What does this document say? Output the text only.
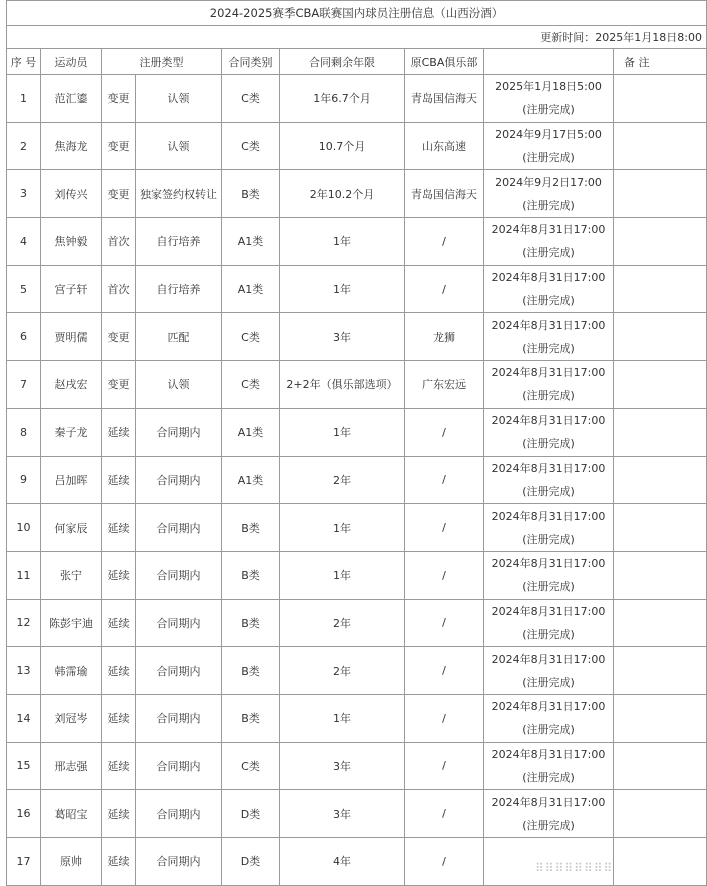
2024-2025赛季CBA联赛国内球员注册信息（山西汾酒）								
更新时间：2025年1月18日8:00								
序 号	运动员	注册类型		合同类别	合同剩余年限	原CBA俱乐部		备 注
1	范汇鎏	变更	认领	C类	1年6.7个月	青岛国信海天	2025年1月18日5:00
(注册完成)	

2	焦海龙	变更	认领	C类	10.7个月	山东高速	2024年9月17日5:00
(注册完成)	

3	刘传兴	变更	独家签约权转让	B类	2年10.2个月	青岛国信海天	2024年9月2日17:00
(注册完成)	

4	焦钟毅	首次	自行培养	A1类	1年	/	2024年8月31日17:00
(注册完成)	

5	宫子轩	首次	自行培养	A1类	1年	/	2024年8月31日17:00
(注册完成)	

6	贾明儒	变更	匹配	C类	3年	龙狮	2024年8月31日17:00
(注册完成)	

7	赵戌宏	变更	认领	C类	2+2年（俱乐部选项）	广东宏远	2024年8月31日17:00
(注册完成)	

8	秦子龙	延续	合同期内	A1类	1年	/	2024年8月31日17:00
(注册完成)	

9	吕加晖	延续	合同期内	A1类	2年	/	2024年8月31日17:00
(注册完成)	

10	何家辰	延续	合同期内	B类	1年	/	2024年8月31日17:00
(注册完成)	

11	张宁	延续	合同期内	B类	1年	/	2024年8月31日17:00
(注册完成)	

12	陈彭宇迪	延续	合同期内	B类	2年	/	2024年8月31日17:00
(注册完成)	

13	韩霈瑜	延续	合同期内	B类	2年	/	2024年8月31日17:00
(注册完成)	

14	刘冠岑	延续	合同期内	B类	1年	/	2024年8月31日17:00
(注册完成)	

15	邢志强	延续	合同期内	C类	3年	/	2024年8月31日17:00
(注册完成)	

16	葛昭宝	延续	合同期内	D类	3年	/	2024年8月31日17:00
(注册完成)	

17	原帅	延续	合同期内	D类	4年	/	
		⠿⠿⠿⠿⠿⠿⠿⠿
